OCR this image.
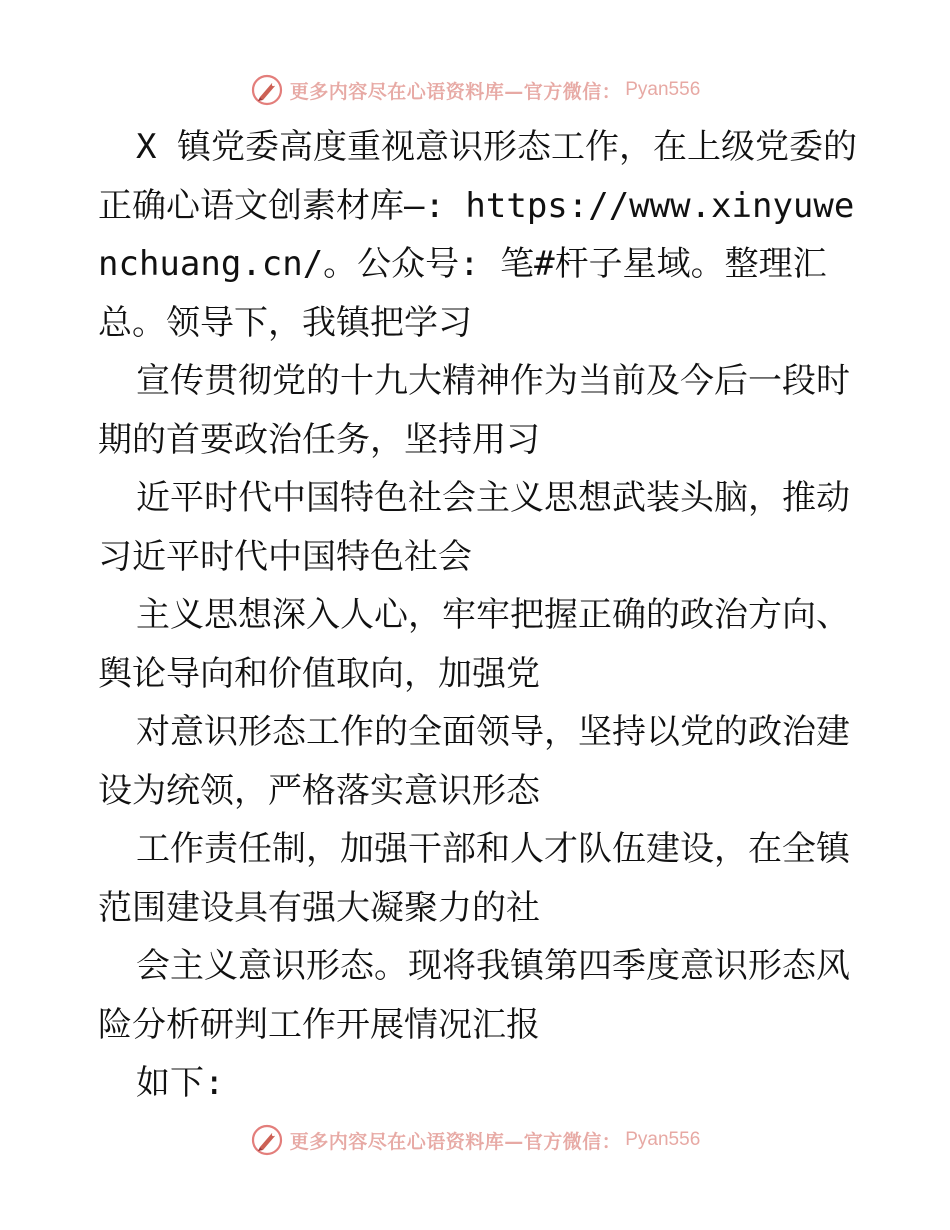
更多内容尽在心语资料库—官方微信： Pyan556

X 镇党委高度重视意识形态工作，在上级党委的正确心语文创素材库—: https://www.xinyuwenchuang.cn/。公众号: 笔#杆子星域。整理汇总。领导下，我镇把学习

宣传贯彻党的十九大精神作为当前及今后一段时期的首要政治任务，坚持用习

近平时代中国特色社会主义思想武装头脑，推动习近平时代中国特色社会

主义思想深入人心，牢牢把握正确的政治方向、舆论导向和价值取向，加强党

对意识形态工作的全面领导，坚持以党的政治建设为统领，严格落实意识形态

工作责任制，加强干部和人才队伍建设，在全镇范围建设具有强大凝聚力的社

会主义意识形态。现将我镇第四季度意识形态风险分析研判工作开展情况汇报

如下:

更多内容尽在心语资料库—官方微信： Pyan556
